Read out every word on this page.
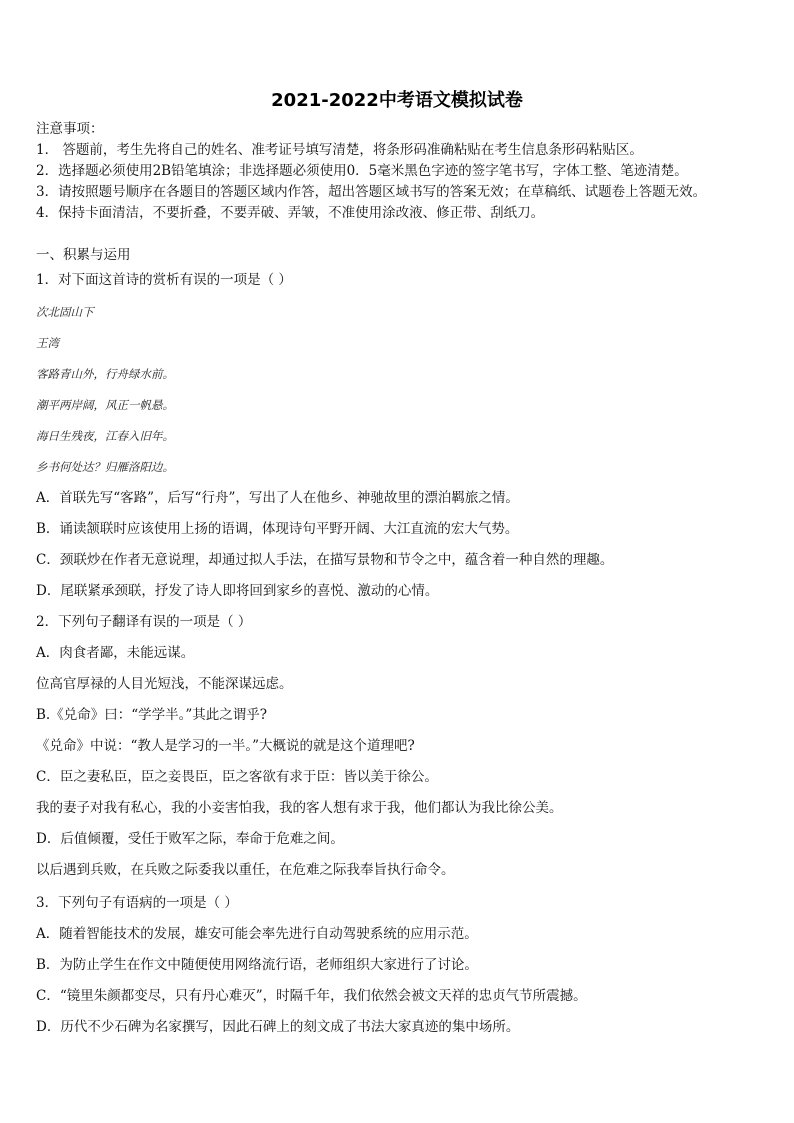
2021-2022中考语文模拟试卷
注意事项：
1． 答题前，考生先将自己的姓名、准考证号填写清楚，将条形码准确粘贴在考生信息条形码粘贴区。
2．选择题必须使用2B铅笔填涂；非选择题必须使用0．5毫米黑色字迹的签字笔书写，字体工整、笔迹清楚。
3．请按照题号顺序在各题目的答题区域内作答，超出答题区域书写的答案无效；在草稿纸、试题卷上答题无效。
4．保持卡面清洁，不要折叠，不要弄破、弄皱，不准使用涂改液、修正带、刮纸刀。
一、积累与运用
1．对下面这首诗的赏析有误的一项是（ ）
次北固山下
王湾
客路青山外，行舟绿水前。
潮平两岸阔，风正一帆悬。
海日生残夜，江春入旧年。
乡书何处达？归雁洛阳边。
A．首联先写“客路”，后写“行舟”，写出了人在他乡、神驰故里的漂泊羁旅之情。
B．诵读颔联时应该使用上扬的语调，体现诗句平野开阔、大江直流的宏大气势。
C．颈联炒在作者无意说理，却通过拟人手法，在描写景物和节令之中，蕴含着一种自然的理趣。
D．尾联紧承颈联，抒发了诗人即将回到家乡的喜悦、激动的心情。
2．下列句子翻译有误的一项是（ ）
A．肉食者鄙，未能远谋。
位高官厚禄的人目光短浅，不能深谋远虑。
B.《兑命》曰：“学学半。”其此之谓乎?
《兑命》中说：“教人是学习的一半。”大概说的就是这个道理吧?
C．臣之妻私臣，臣之妾畏臣，臣之客欲有求于臣：皆以美于徐公。
我的妻子对我有私心，我的小妾害怕我，我的客人想有求于我，他们都认为我比徐公美。
D．后值倾覆，受任于败军之际，奉命于危难之间。
以后遇到兵败，在兵败之际委我以重任，在危难之际我奉旨执行命令。
3．下列句子有语病的一项是（ ）
A．随着智能技术的发展，雄安可能会率先进行自动驾驶系统的应用示范。
B．为防止学生在作文中随便使用网络流行语，老师组织大家进行了讨论。
C．“镜里朱颜都变尽，只有丹心难灭”，时隔千年，我们依然会被文天祥的忠贞气节所震撼。
D．历代不少石碑为名家撰写，因此石碑上的刻文成了书法大家真迹的集中场所。
